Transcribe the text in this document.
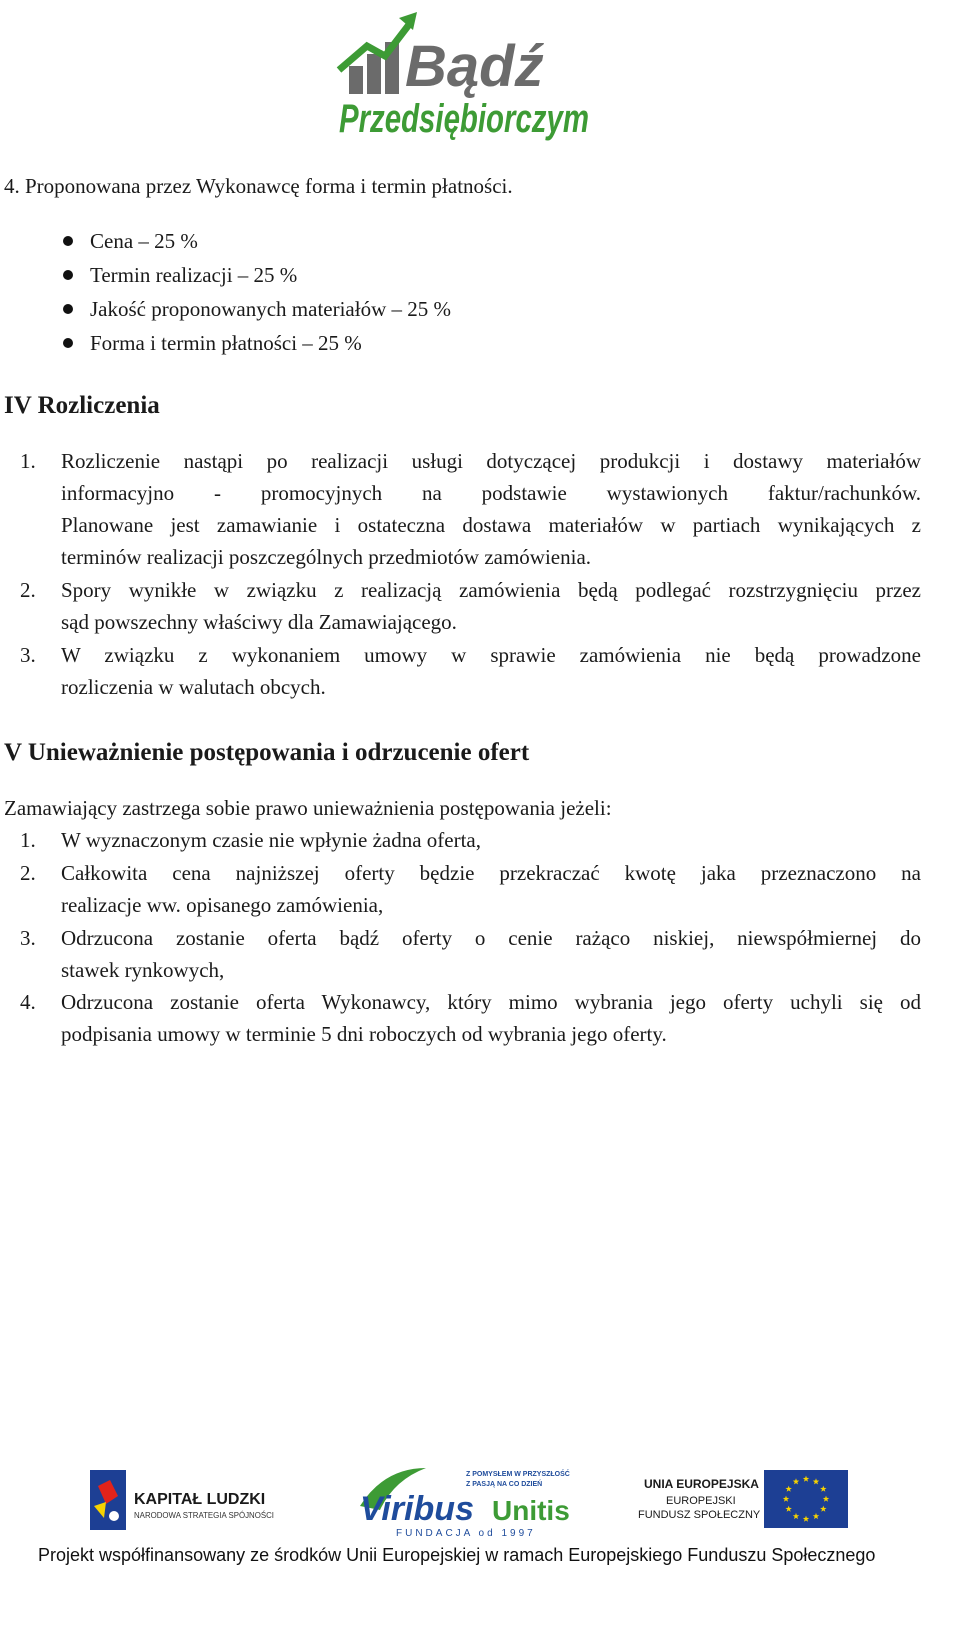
Bądź
Przedsiębiorczym
4. Proponowana przez Wykonawcę forma i termin płatności.
Cena – 25 %
Termin realizacji – 25 %
Jakość proponowanych materiałów – 25 %
Forma i termin płatności – 25 %
IV Rozliczenia
1. Rozliczenie nastąpi po realizacji usługi dotyczącej produkcji i dostawy materiałów
informacyjno - promocyjnych na podstawie wystawionych faktur/rachunków.
Planowane jest zamawianie i ostateczna dostawa materiałów w partiach wynikających z
terminów realizacji poszczególnych przedmiotów zamówienia.
2. Spory wynikłe w związku z realizacją zamówienia będą podlegać rozstrzygnięciu przez
sąd powszechny właściwy dla Zamawiającego.
3. W związku z wykonaniem umowy w sprawie zamówienia nie będą prowadzone
rozliczenia w walutach obcych.
V Unieważnienie postępowania i odrzucenie ofert
Zamawiający zastrzega sobie prawo unieważnienia postępowania jeżeli:
1. W wyznaczonym czasie nie wpłynie żadna oferta,
2. Całkowita cena najniższej oferty będzie przekraczać kwotę jaka przeznaczono na
realizacje ww. opisanego zamówienia,
3. Odrzucona zostanie oferta bądź oferty o cenie rażąco niskiej, niewspółmiernej do
stawek rynkowych,
4. Odrzucona zostanie oferta Wykonawcy, który mimo wybrania jego oferty uchyli się od
podpisania umowy w terminie 5 dni roboczych od wybrania jego oferty.
KAPITAŁ LUDZKI
NARODOWA STRATEGIA SPÓJNOŚCI
Z POMYSŁEM W PRZYSZŁOŚĆ
Z PASJĄ NA CO DZIEŃ
Viribus Unitis
FUNDACJA od 1997
UNIA EUROPEJSKA
EUROPEJSKI
FUNDUSZ SPOŁECZNY
Projekt współfinansowany ze środków Unii Europejskiej w ramach Europejskiego Funduszu Społecznego
